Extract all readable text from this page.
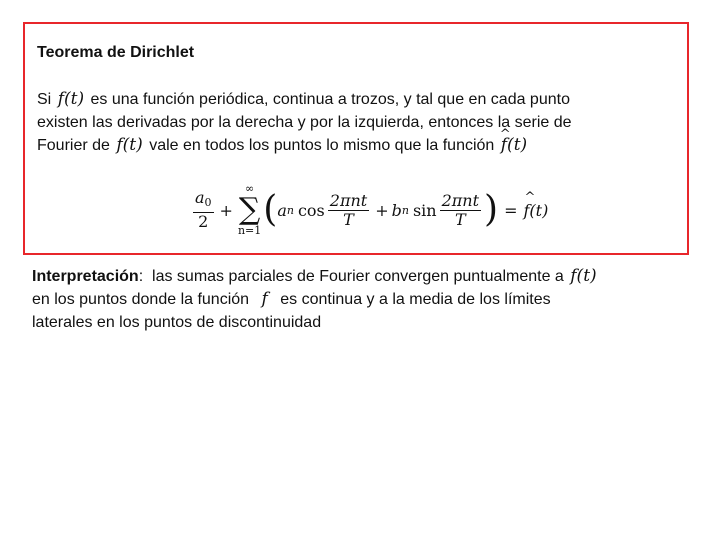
Teorema de Dirichlet
Si f(t) es una función periódica, continua a trozos, y tal que en cada punto
existen las derivadas por la derecha y por la izquierda, entonces la serie de
Fourier de f(t) vale en todos los puntos lo mismo que la función ^ f(t)
$\frac{a0}{2}$ +
∞
∑
n=1
( a n $\cos \frac{\text{2πnt}}{T} + b$ n $\sin \frac{\text{2πnt}}{T}$ ) = ^ f(t)
Interpretación: las sumas parciales de Fourier convergen puntualmente a f(t)
en los puntos donde la función f es continua y a la media de los límites
laterales en los puntos de discontinuidad
